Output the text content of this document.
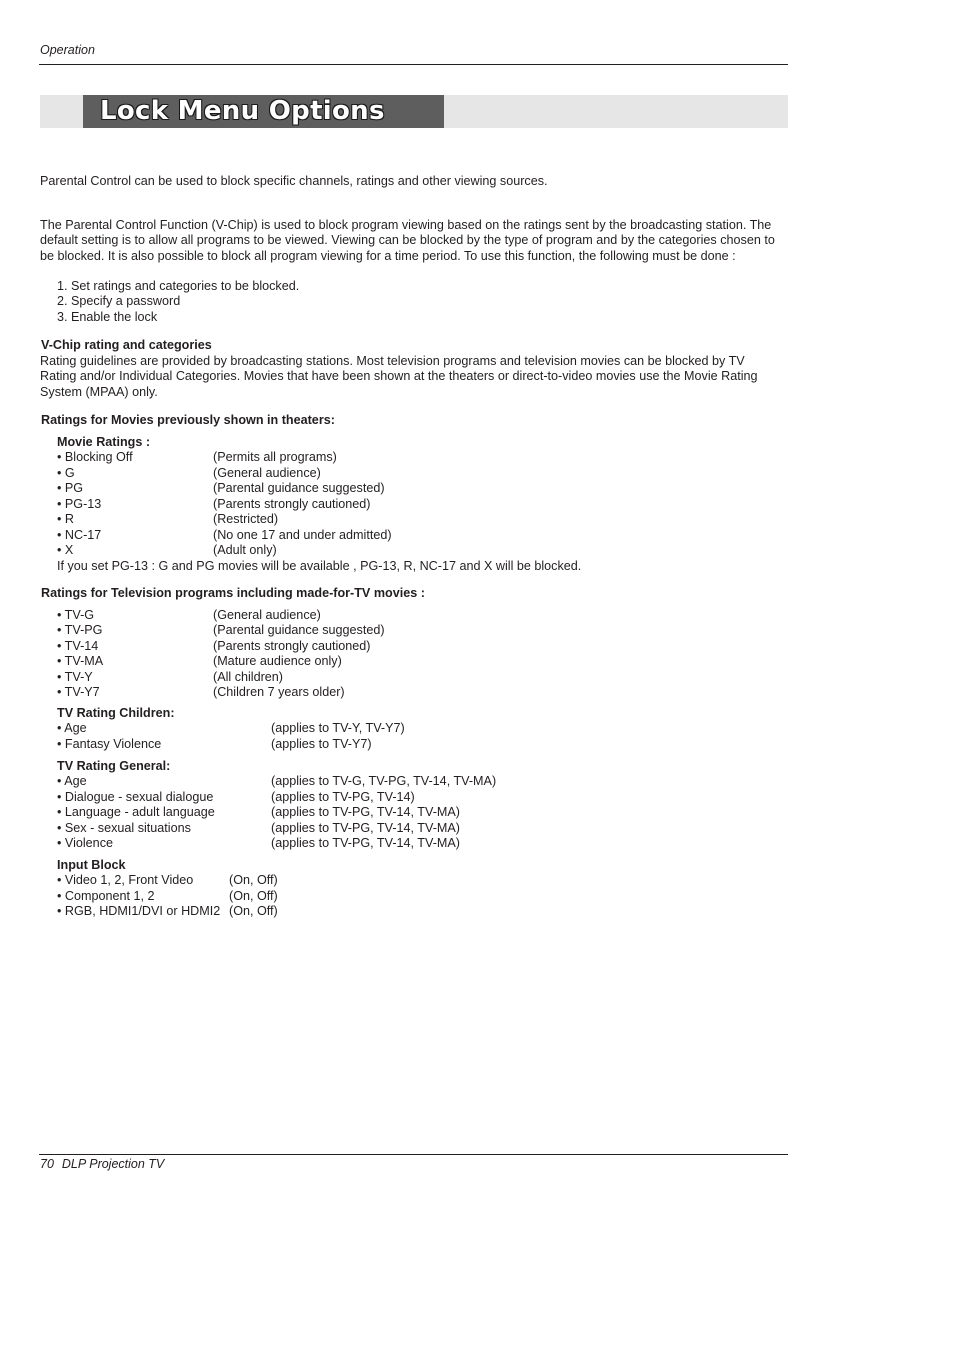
Operation
Lock Menu Options
Parental Control can be used to block specific channels, ratings and other viewing sources.
The Parental Control Function (V-Chip) is used to block program viewing based on the ratings sent by the broadcasting station. The default setting is to allow all programs to be viewed. Viewing can be blocked by the type of program and by the categories chosen to be blocked. It is also possible to block all program viewing for a time period. To use this function, the following must be done :
1. Set ratings and categories to be blocked.
2. Specify a password
3. Enable the lock
V-Chip rating and categories
Rating guidelines are provided by broadcasting stations. Most television programs and television movies can be blocked by TV Rating and/or Individual Categories. Movies that have been shown at the theaters or direct-to-video movies use the Movie Rating System (MPAA) only.
Ratings for Movies previously shown in theaters:
Movie Ratings :
• Blocking Off	(Permits all programs)
• G	(General audience)
• PG	(Parental guidance suggested)
• PG-13	(Parents strongly cautioned)
• R	(Restricted)
• NC-17	(No one 17 and under admitted)
• X	(Adult only)
If you set PG-13 : G and PG movies will be available , PG-13, R, NC-17 and X will be blocked.
Ratings for Television programs including made-for-TV movies :
• TV-G	(General audience)
• TV-PG	(Parental guidance suggested)
• TV-14	(Parents strongly cautioned)
• TV-MA	(Mature audience only)
• TV-Y	(All children)
• TV-Y7	(Children 7 years older)
TV Rating Children:
• Age	(applies to TV-Y, TV-Y7)
• Fantasy Violence	(applies to TV-Y7)
TV Rating General:
• Age	(applies to TV-G, TV-PG, TV-14, TV-MA)
• Dialogue - sexual dialogue	(applies to TV-PG, TV-14)
• Language - adult language	(applies to TV-PG, TV-14, TV-MA)
• Sex - sexual situations	(applies to TV-PG, TV-14, TV-MA)
• Violence	(applies to TV-PG, TV-14, TV-MA)
Input Block
• Video 1, 2, Front Video	(On, Off)
• Component 1, 2	(On, Off)
• RGB, HDMI1/DVI or HDMI2 (On, Off)
70 DLP Projection TV
